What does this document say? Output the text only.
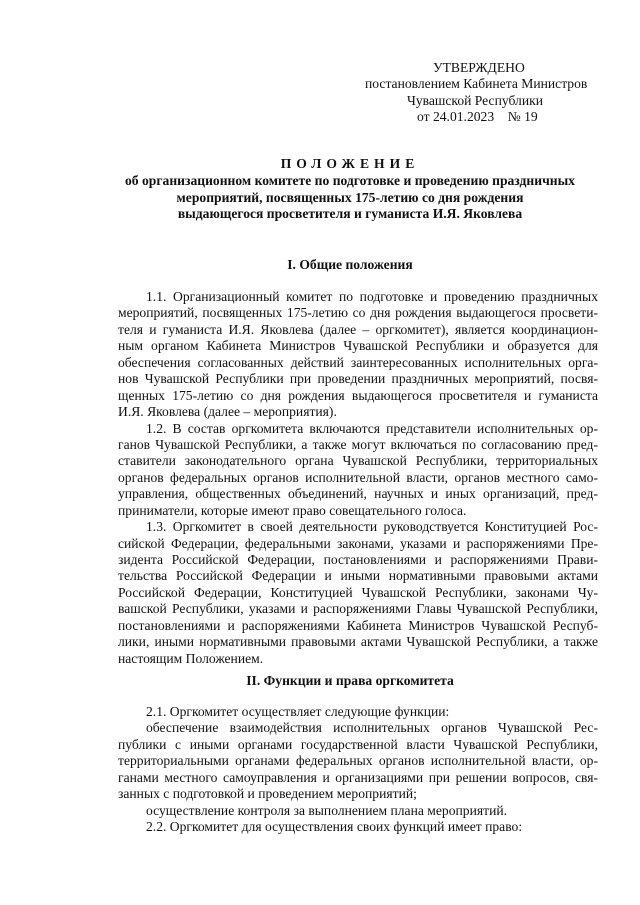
УТВЕРЖДЕНО
постановлением Кабинета Министров
Чувашской Республики
от 24.01.2023    № 19
ПОЛОЖЕНИЕ
об организационном комитете по подготовке и проведению праздничных
мероприятий, посвященных 175-летию со дня рождения
выдающегося просветителя и гуманиста И.Я. Яковлева
I. Общие положения
1.1. Организационный комитет по подготовке и проведению праздничных
мероприятий, посвященных 175-летию со дня рождения выдающегося просвети-
теля и гуманиста И.Я. Яковлева (далее – оргкомитет), является координацион-
ным органом Кабинета Министров Чувашской Республики и образуется для
обеспечения согласованных действий заинтересованных исполнительных орга-
нов Чувашской Республики при проведении праздничных мероприятий, посвя-
щенных 175-летию со дня рождения выдающегося просветителя и гуманиста
И.Я. Яковлева (далее – мероприятия).
1.2. В состав оргкомитета включаются представители исполнительных ор-
ганов Чувашской Республики, а также могут включаться по согласованию пред-
ставители законодательного органа Чувашской Республики, территориальных
органов федеральных органов исполнительной власти, органов местного само-
управления, общественных объединений, научных и иных организаций, пред-
приниматели, которые имеют право совещательного голоса.
1.3. Оргкомитет в своей деятельности руководствуется Конституцией Рос-
сийской Федерации, федеральными законами, указами и распоряжениями Пре-
зидента Российской Федерации, постановлениями и распоряжениями Прави-
тельства Российской Федерации и иными нормативными правовыми актами
Российской Федерации, Конституцией Чувашской Республики, законами Чу-
вашской Республики, указами и распоряжениями Главы Чувашской Республики,
постановлениями и распоряжениями Кабинета Министров Чувашской Респуб-
лики, иными нормативными правовыми актами Чувашской Республики, а также
настоящим Положением.
II. Функции и права оргкомитета
2.1. Оргкомитет осуществляет следующие функции:
обеспечение взаимодействия исполнительных органов Чувашской Рес-
публики с иными органами государственной власти Чувашской Республики,
территориальными органами федеральных органов исполнительной власти, ор-
ганами местного самоуправления и организациями при решении вопросов, свя-
занных с подготовкой и проведением мероприятий;
осуществление контроля за выполнением плана мероприятий.
2.2. Оргкомитет для осуществления своих функций имеет право:
